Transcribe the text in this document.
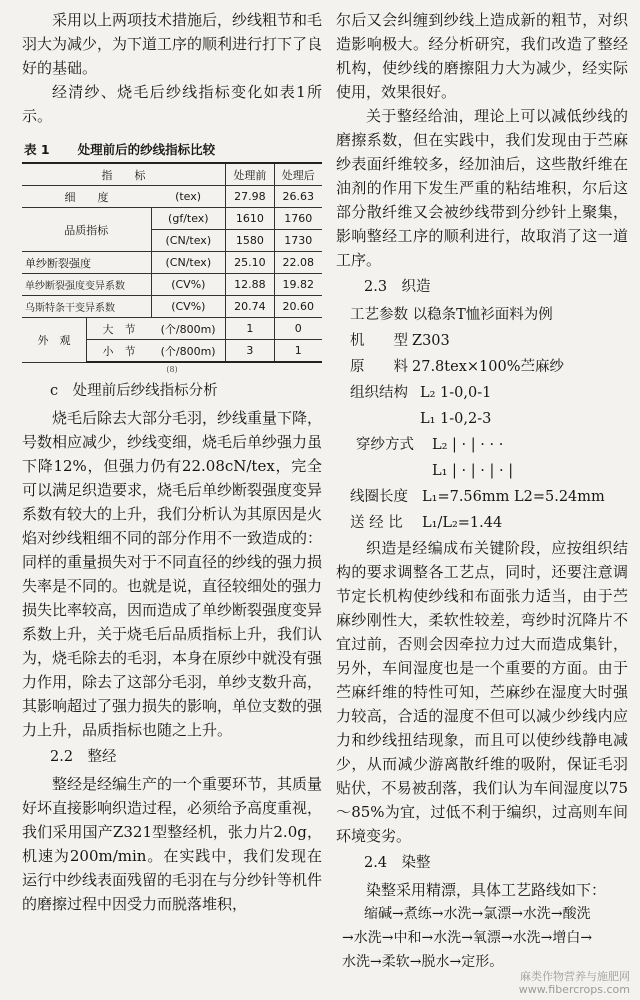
采用以上两项技术措施后，纱线粗节和毛羽大为减少，为下道工序的顺利进行打下了良好的基础。

经清纱、烧毛后纱线指标变化如表1所示。

表 1 处理前后的纱线指标比较
指　　标			处理前	处理后
细　　度		(tex)	27.98	26.63
品质指标		(gf/tex)	1610	1760
		(CN/tex)	1580	1730
单纱断裂强度		(CN/tex)	25.10	22.08
单纱断裂强度变异系数		(CV%)	12.88	19.82
乌斯特条干变异系数		(CV%)	20.74	20.60
外　观	大　节	(个/800m)	1	0
	小　节	(个/800m)	3	1
(8)
c　处理前后纱线指标分析

烧毛后除去大部分毛羽，纱线重量下降，号数相应减少，纱线变细，烧毛后单纱强力虽下降12%，但强力仍有22.08cN/tex，完全可以满足织造要求，烧毛后单纱断裂强度变异系数有较大的上升，我们分析认为其原因是火焰对纱线粗细不同的部分作用不一致造成的：同样的重量损失对于不同直径的纱线的强力损失率是不同的。也就是说，直径较细处的强力损失比率较高，因而造成了单纱断裂强度变异系数上升，关于烧毛后品质指标上升，我们认为，烧毛除去的毛羽，本身在原纱中就没有强力作用，除去了这部分毛羽，单纱支数升高，其影响超过了强力损失的影响，单位支数的强力上升，品质指标也随之上升。

2.2　整经

整经是经编生产的一个重要环节，其质量好坏直接影响织造过程，必须给予高度重视，我们采用国产Z321型整经机，张力片2.0g，机速为200m/min。在实践中，我们发现在运行中纱线表面残留的毛羽在与分纱针等机件的磨擦过程中因受力而脱落堆积，

尔后又会纠缠到纱线上造成新的粗节，对织造影响极大。经分析研究，我们改造了整经机构，使纱线的磨擦阻力大为减少，经实际使用，效果很好。

关于整经给油，理论上可以减低纱线的磨擦系数，但在实践中，我们发现由于苎麻纱表面纤维较多，经加油后，这些散纤维在油剂的作用下发生严重的粘结堆积，尔后这部分散纤维又会被纱线带到分纱针上聚集，影响整经工序的顺利进行，故取消了这一道工序。

2.3　织造
工艺参数 以稳条T恤衫面料为例
机　　型 Z303
原　　料 27.8tex×100%苎麻纱
组织结构 L₂ 1-0,0-1
L₁ 1-0,2-3
穿纱方式 L₂ | · | · · ·
L₁ | · | · | · |
线圈长度 L₁=7.56mm L2=5.24mm
送 经 比 L₁/L₂=1.44

织造是经编成布关键阶段，应按组织结构的要求调整各工艺点，同时，还要注意调节定长机构使纱线和布面张力适当，由于苎麻纱刚性大，柔软性较差，弯纱时沉降片不宜过前，否则会因牵拉力过大而造成集针，另外，车间湿度也是一个重要的方面。由于苎麻纤维的特性可知，苎麻纱在湿度大时强力较高，合适的湿度不但可以减少纱线内应力和纱线扭结现象，而且可以使纱线静电减少，从而减少游离散纤维的吸附，保证毛羽贴伏，不易被刮落，我们认为车间湿度以75～85%为宜，过低不利于编织，过高则车间环境变劣。

2.4　染整

染整采用精漂，具体工艺路线如下：

缩碱→煮练→水洗→氯漂→水洗→酸洗
→水洗→中和→水洗→氧漂→水洗→增白→
水洗→柔软→脱水→定形。
麻类作物营养与施肥网
www.fibercrops.com
